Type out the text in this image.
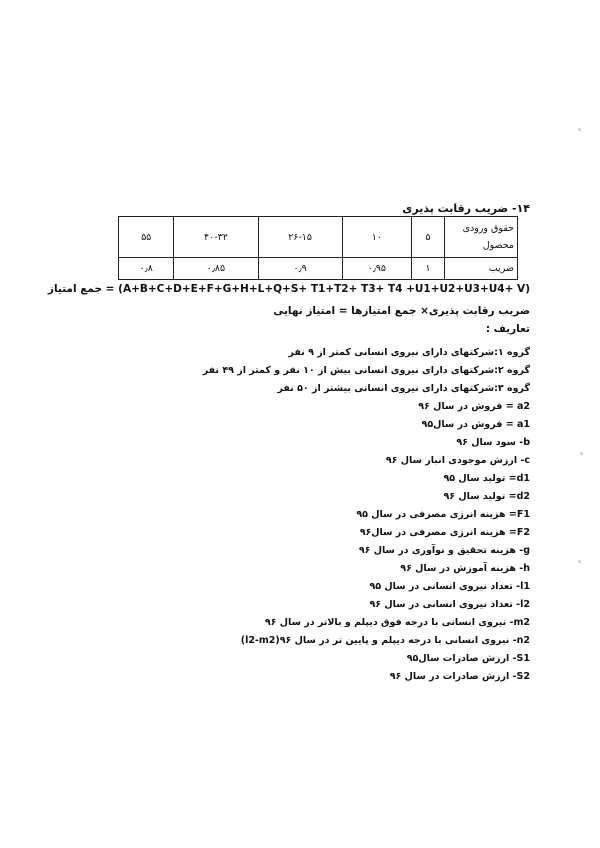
۱۴- ضریب رقابت پذیری
حقوق ورودی محصول	۵	۱۰	۲۶-۱۵	۴۰-۳۲	۵۵
ضریب	۱	۰٫۹۵	۰٫۹	۰٫۸۵	۰٫۸
(A+B+C+D+E+F+G+H+L+Q+S+ T1+T2+ T3+ T4 +U1+U2+U3+U4+ V) = جمع امتیاز
ضریب رقابت پذیری× جمع امتیازها = امتیاز نهایی
تعاریف :
گروه ۱:شرکتهای دارای نیروی انسانی کمتر از ۹ نفر
گروه ۲:شرکتهای دارای نیروی انسانی بیش از ۱۰ نفر و کمتر از ۴۹ نفر
گروه ۳:شرکتهای دارای نیروی انسانی بیشتر از ۵۰ نفر
a2 = فروش در سال ۹۶
a1 = فروش در سال۹۵
b- سود سال ۹۶
c- ارزش موجودی انبار سال ۹۶
d1= تولید سال ۹۵
d2= تولید سال ۹۶
F1= هزینه انرژی مصرفی در سال ۹۵
F2= هزینه انرژی مصرفی در سال۹۶
g- هزینه تحقیق و نوآوری در سال ۹۶
h- هزینه آموزش در سال ۹۶
l1- تعداد نیروی انسانی در سال ۹۵
l2- تعداد نیروی انسانی در سال ۹۶
m2- نیروی انسانی با درجه فوق دیپلم و بالاتر در سال ۹۶
n2- نیروی انسانی با درجه دیپلم و پایین تر در سال ۹۶(l2-m2)
S1- ارزش صادرات سال۹۵
S2- ارزش صادرات در سال ۹۶
